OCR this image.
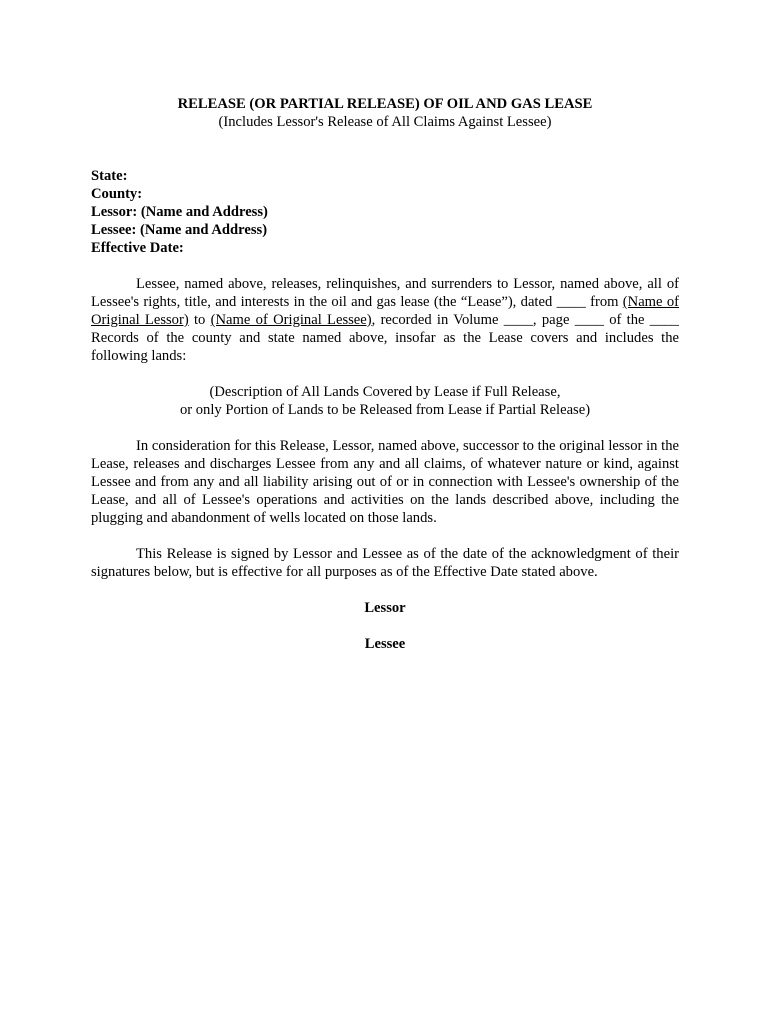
RELEASE (OR PARTIAL RELEASE) OF OIL AND GAS LEASE
(Includes Lessor's Release of All Claims Against Lessee)
State:
County:
Lessor: (Name and Address)
Lessee: (Name and Address)
Effective Date:
Lessee, named above, releases, relinquishes, and surrenders to Lessor, named above, all of Lessee's rights, title, and interests in the oil and gas lease (the “Lease”), dated ____ from (Name of Original Lessor) to (Name of Original Lessee), recorded in Volume ____, page ____ of the ____ Records of the county and state named above, insofar as the Lease covers and includes the following lands:
(Description of All Lands Covered by Lease if Full Release,
or only Portion of Lands to be Released from Lease if Partial Release)
In consideration for this Release, Lessor, named above, successor to the original lessor in the Lease, releases and discharges Lessee from any and all claims, of whatever nature or kind, against Lessee and from any and all liability arising out of or in connection with Lessee's ownership of the Lease, and all of Lessee's operations and activities on the lands described above, including the plugging and abandonment of wells located on those lands.
This Release is signed by Lessor and Lessee as of the date of the acknowledgment of their signatures below, but is effective for all purposes as of the Effective Date stated above.
Lessor
Lessee
